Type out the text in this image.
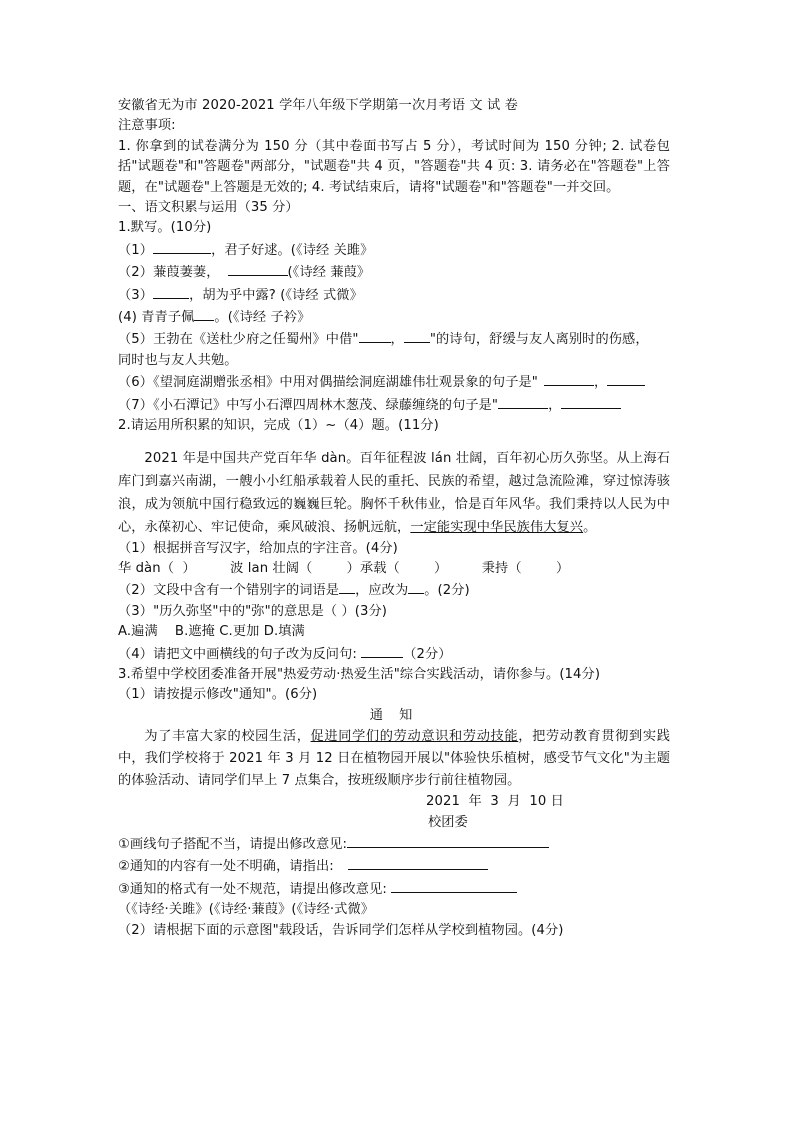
安徽省无为市 2020-2021 学年八年级下学期第一次月考语 文 试 卷
注意事项:
1. 你拿到的试卷满分为 150 分（其中卷面书写占 5 分），考试时间为 150 分钟; 2. 试卷包括"试题卷"和"答题卷"两部分，"试题卷"共 4 页，"答题卷"共 4 页: 3. 请务必在"答题卷"上答题，在"试题卷"上答题是无效的; 4. 考试结束后，请将"试题卷"和"答题卷"一并交回。
一、语文积累与运用（35 分）
1.默写。(10分)
（1）	，君子好逑。(《诗经 关雎》
（2）蒹葭萋萋，	(《诗经 蒹葭》
（3）	，胡为乎中露? (《诗经 式微》
(4) 青青子佩 。(《诗经 子衿》
（5）王勃在《送杜少府之任蜀州》中借" ， "的诗句，舒缓与友人离别时的伤感，
同时也与友人共勉。
（6）《望洞庭湖赠张丞相》中用对偶描绘洞庭湖雄伟壮观景象的句子是"	，
（7）《小石潭记》中写小石潭四周林木葱茂、绿藤缠绕的句子是"	，
2.请运用所积累的知识，完成（1）~（4）题。(11分)
2021 年是中国共产党百年华 dàn。百年征程波 lán 壮阔，百年初心历久弥坚。从上海石库门到嘉兴南湖，一艘小小红船承载着人民的重托、民族的希望，越过急流险滩，穿过惊涛骇浪，成为领航中国行稳致远的巍巍巨轮。胸怀千秋伟业，恰是百年风华。我们秉持以人民为中心，永葆初心、牢记使命，乘风破浪、扬帆远航，一定能实现中华民族伟大复兴。
（1）根据拼音写汉字，给加点的字注音。(4分)
华 dàn（  ）        波 lan 壮阔（        ）承载（        ）        秉持（        ）
（2）文段中含有一个错别字的词语是 ，应改为 。(2分)
（3）"历久弥坚"中的"弥"的意思是（ ）(3分)
A.遍满    B.遮掩 C.更加 D.填满
（4）请把文中画横线的句子改为反问句:	（2分）
3.希望中学校团委准备开展"热爱劳动·热爱生活"综合实践活动，请你参与。(14分)
（1）请按提示修改"通知"。(6分)
通 知
为了丰富大家的校园生活，促进同学们的劳动意识和劳动技能，把劳动教育贯彻到实践中，我们学校将于 2021 年 3 月 12 日在植物园开展以"体验快乐植树，感受节气文化"为主题的体验活动、请同学们早上 7 点集合，按班级顺序步行前往植物园。
2021  年  3  月  10 日
校团委
①画线句子搭配不当，请提出修改意见:
②通知的内容有一处不明确，请指出:
③通知的格式有一处不规范，请提出修改意见:
（《诗经·关雎》(《诗经·蒹葭》(《诗经·式微》
（2）请根据下面的示意图"载段话，告诉同学们怎样从学校到植物园。(4分)
